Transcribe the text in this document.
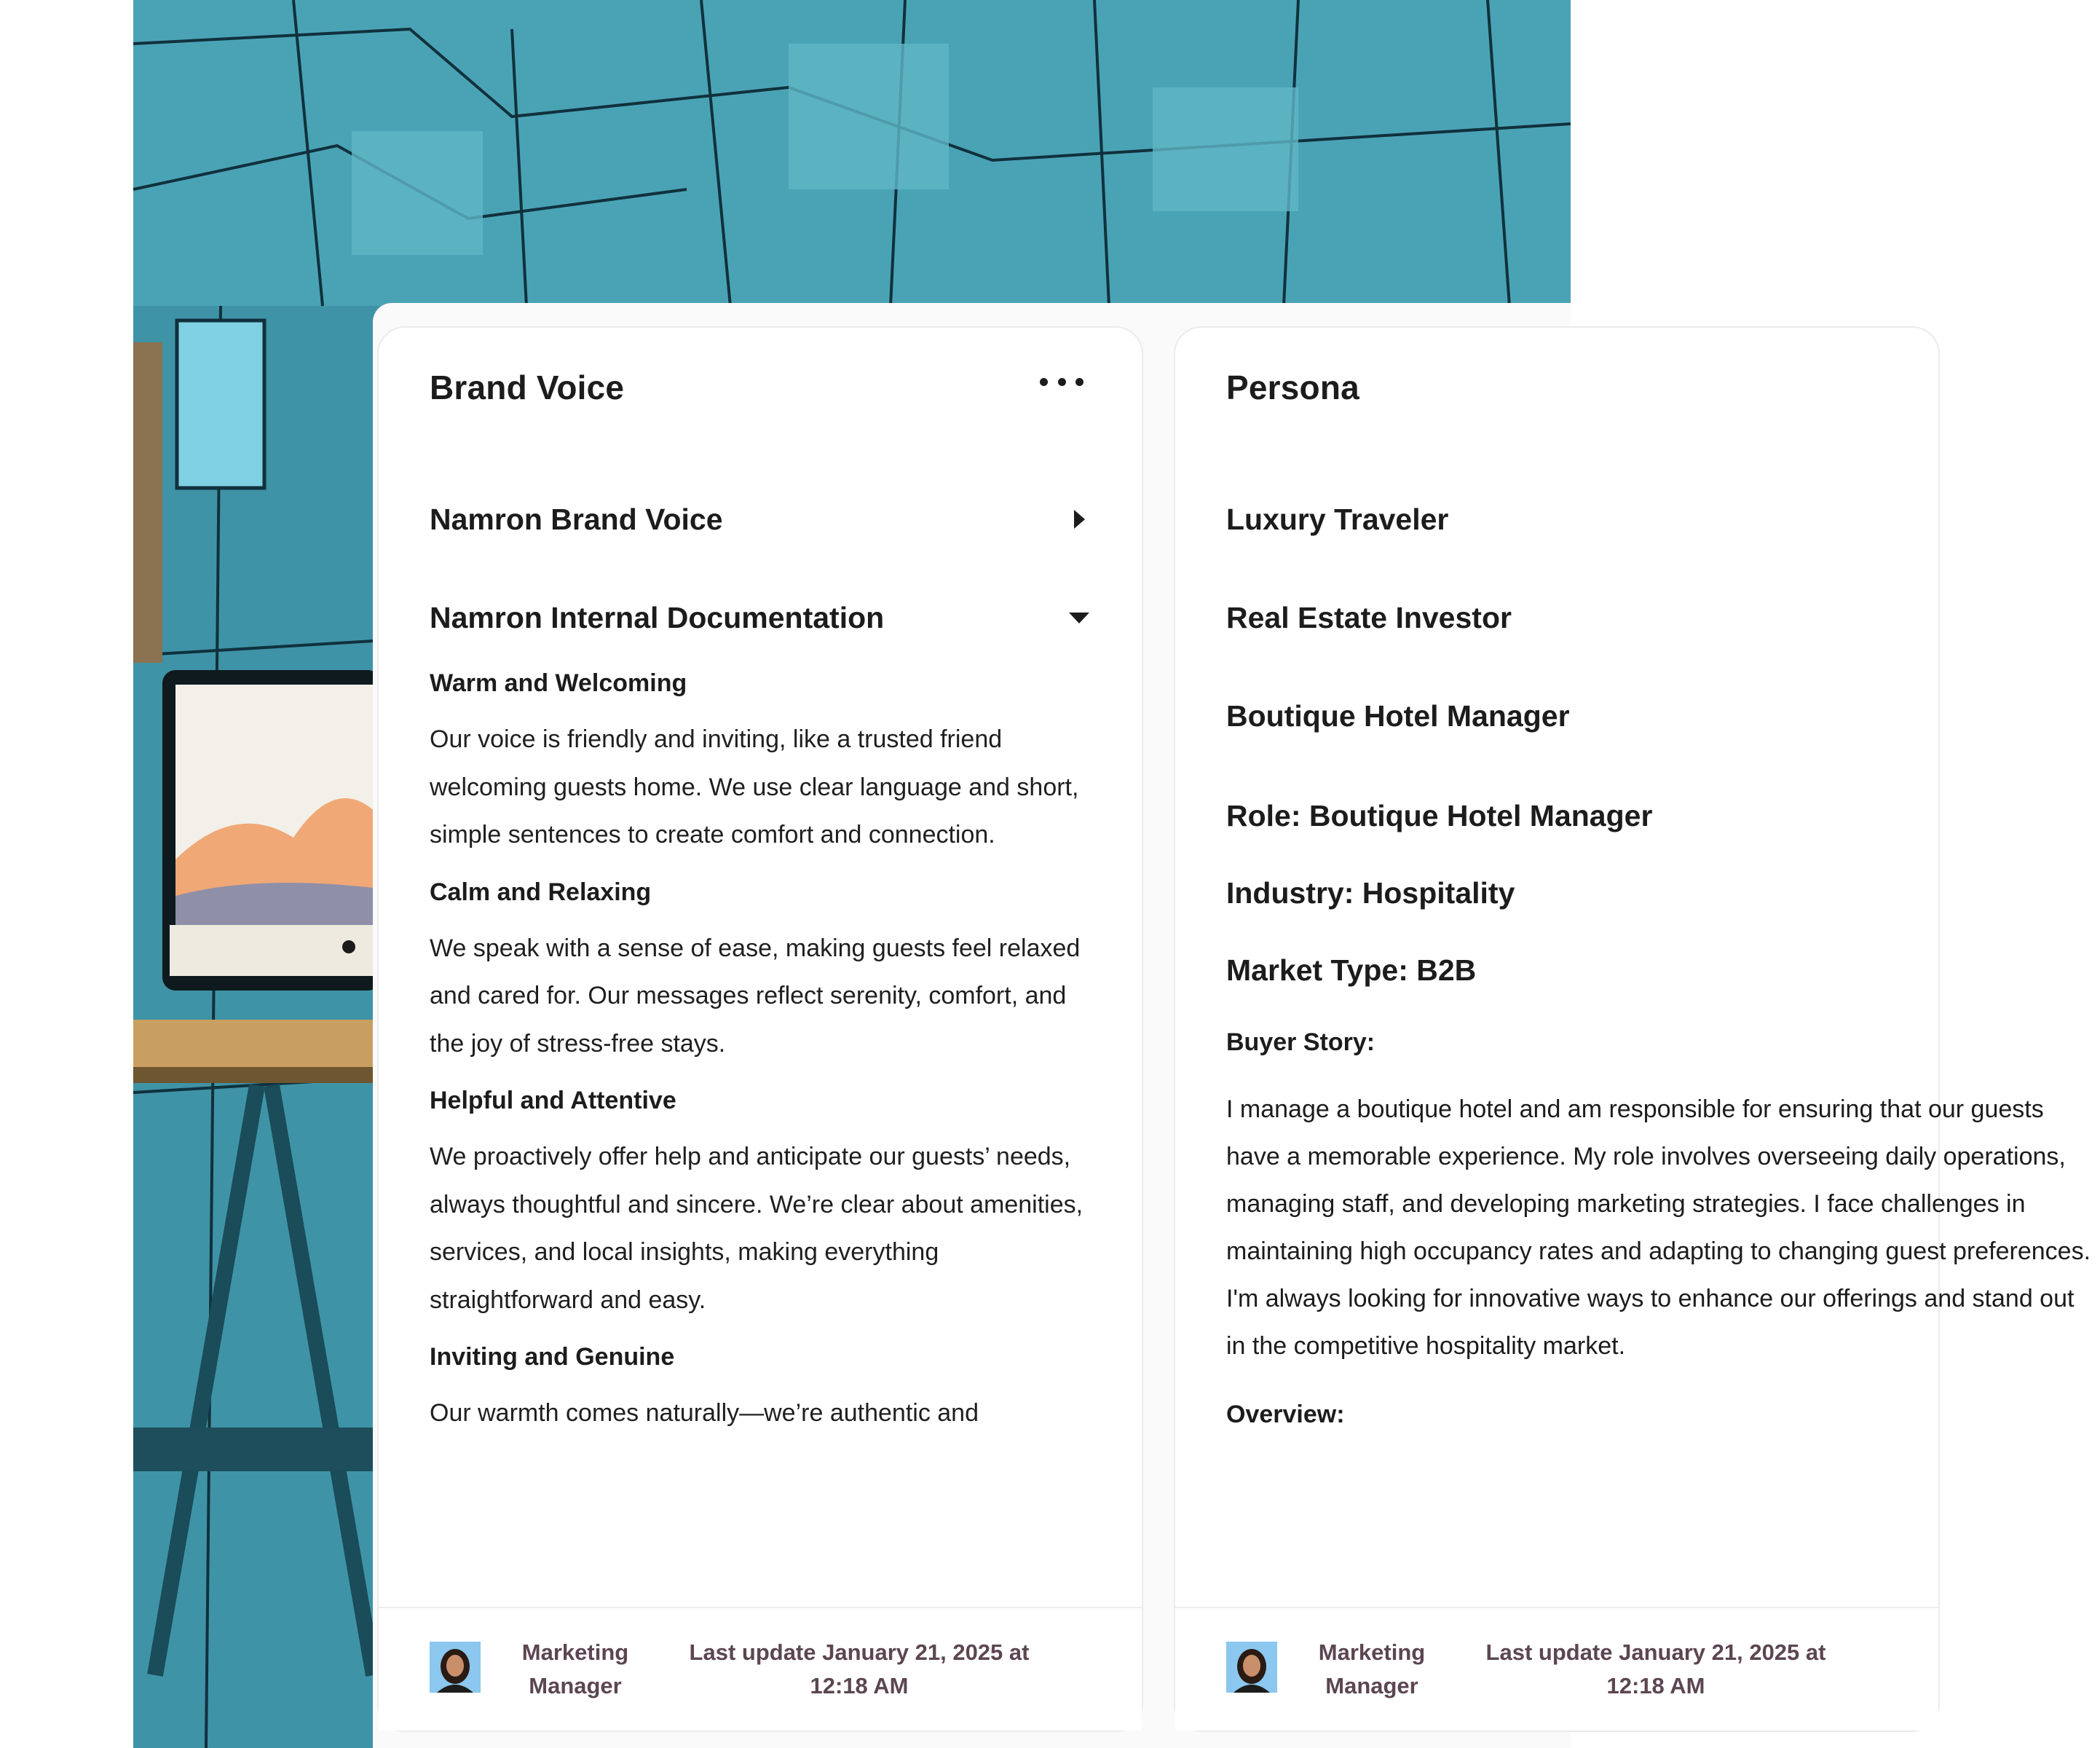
Brand Voice
Namron Brand Voice
Namron Internal Documentation
Warm and Welcoming

Our voice is friendly and inviting, like a trusted friend welcoming guests home. We use clear language and short, simple sentences to create comfort and connection.

Calm and Relaxing

We speak with a sense of ease, making guests feel relaxed and cared for. Our messages reflect serenity, comfort, and the joy of stress-free stays.

Helpful and Attentive

We proactively offer help and anticipate our guests’ needs, always thoughtful and sincere. We’re clear about amenities, services, and local insights, making everything straightforward and easy.

Inviting and Genuine

Our warmth comes naturally—we’re authentic and

Marketing Manager
Last update January 21, 2025 at 12:18 AM
Persona
Luxury Traveler
Real Estate Investor
Boutique Hotel Manager
Role: Boutique Hotel Manager
Industry: Hospitality
Market Type: B2B
Buyer Story:

I manage a boutique hotel and am responsible for ensuring that our guests have a memorable experience. My role involves overseeing daily operations, managing staff, and developing marketing strategies. I face challenges in maintaining high occupancy rates and adapting to changing guest preferences. I'm always looking for innovative ways to enhance our offerings and stand out in the competitive hospitality market.

Overview:
Marketing Manager
Last update January 21, 2025 at 12:18 AM
